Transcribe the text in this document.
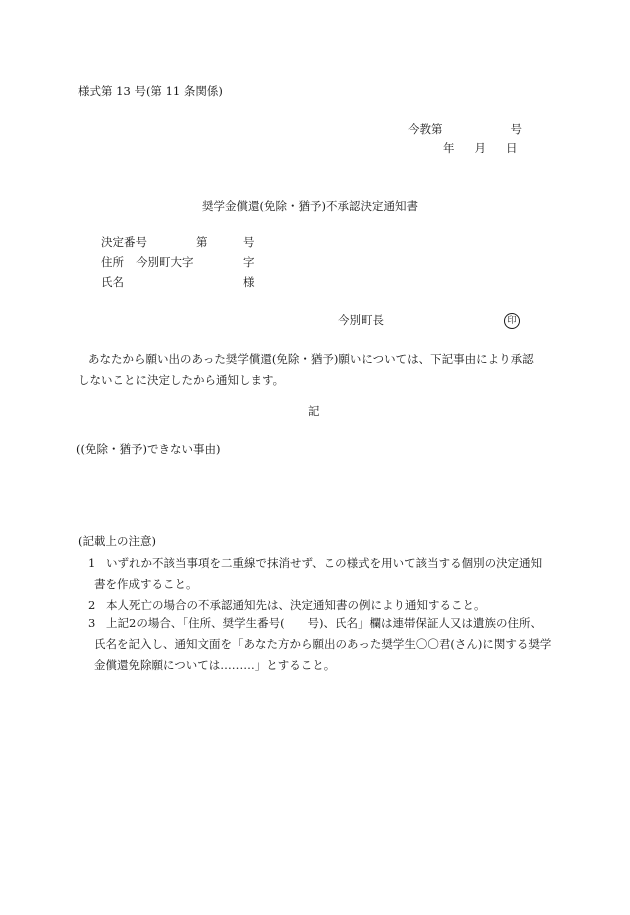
様式第 13 号(第 11 条関係)
今教第	号
年 月 日
奨学金償還(免除・猶予)不承認決定通知書
決定番号	第	号
住所 今別町大字	字
氏名	様
今別町長	印
あなたから願い出のあった奨学償還(免除・猶予)願いについては、下記事由により承認
しないことに決定したから通知します。
記
((免除・猶予)できない事由)
(記載上の注意)
1 いずれか不該当事項を二重線で抹消せず、この様式を用いて該当する個別の決定通知書を作成すること。
2 本人死亡の場合の不承認通知先は、決定通知書の例により通知すること。
3 上記2の場合、「住所、奨学生番号(　　号)、氏名」欄は連帯保証人又は遺族の住所、氏名を記入し、通知文面を「あなた方から願出のあった奨学生〇〇君(さん)に関する奨学金償還免除願については………」とすること。
